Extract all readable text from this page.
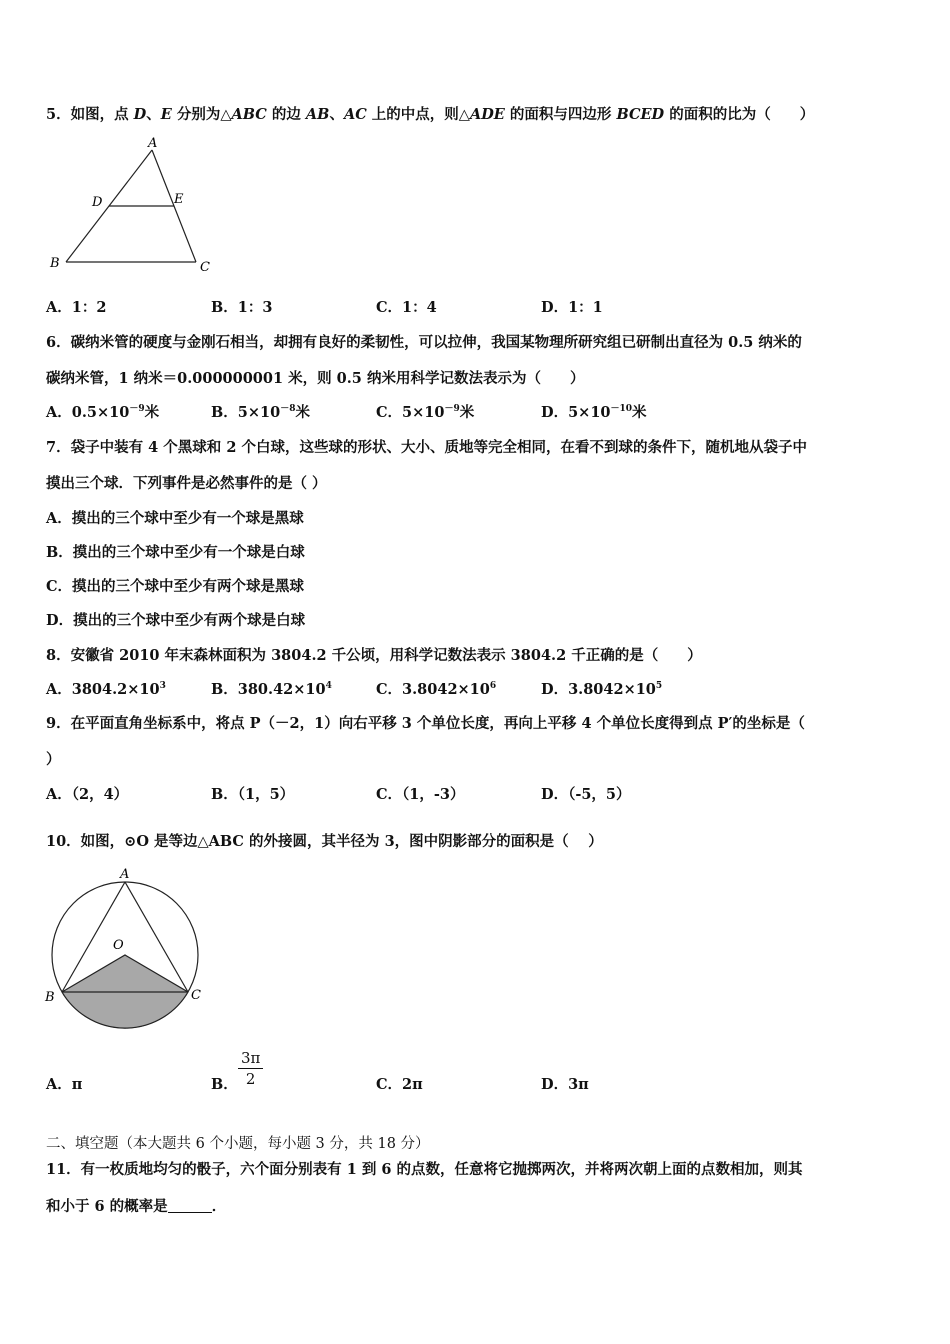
5．如图，点 D、E 分别为△ABC 的边 AB、AC 上的中点，则△ADE 的面积与四边形 BCED 的面积的比为（　　）
A
D	E
B	C
A．1：2	B．1：3	C．1：4	D．1：1
6．碳纳米管的硬度与金刚石相当，却拥有良好的柔韧性，可以拉伸，我国某物理所研究组已研制出直径为 0.5 纳米的
碳纳米管，1 纳米＝0.000000001 米，则 0.5 纳米用科学记数法表示为（　　）
A．$0.5\times 10^{-9}$米	B．$5\times 10^{-8}$米	C．$5\times 10^{-9}$米	D．$5\times 10^{-10}$米
7．袋子中装有 4 个黑球和 2 个白球，这些球的形状、大小、质地等完全相同，在看不到球的条件下，随机地从袋子中
摸出三个球．下列事件是必然事件的是（ ）
A．摸出的三个球中至少有一个球是黑球
B．摸出的三个球中至少有一个球是白球
C．摸出的三个球中至少有两个球是黑球
D．摸出的三个球中至少有两个球是白球
8．安徽省 2010 年末森林面积为 3804.2 千公顷，用科学记数法表示 3804.2 千正确的是（　　）
A．$3804.2\times 10^3$	B．$380.42\times 10^4$	C．$3.8042\times 10^6$	D．$3.8042\times 10^5$
9．在平面直角坐标系中，将点 P（－2，1）向右平移 3 个单位长度，再向上平移 4 个单位长度得到点 P′的坐标是（
）
A．（2，4）	B．（1，5）	C．（1，-3）	D．（-5，5）
10．如图，⊙O 是等边△ABC 的外接圆，其半径为 3，图中阴影部分的面积是（　 ）
A
O
B	C
A．π	B． $\frac{3\pi}{2}$	C．2π	D．3π
二、填空题（本大题共 6 个小题，每小题 3 分，共 18 分）
11．有一枚质地均匀的骰子，六个面分别表有 1 到 6 的点数，任意将它抛掷两次，并将两次朝上面的点数相加，则其
和小于 6 的概率是	．
